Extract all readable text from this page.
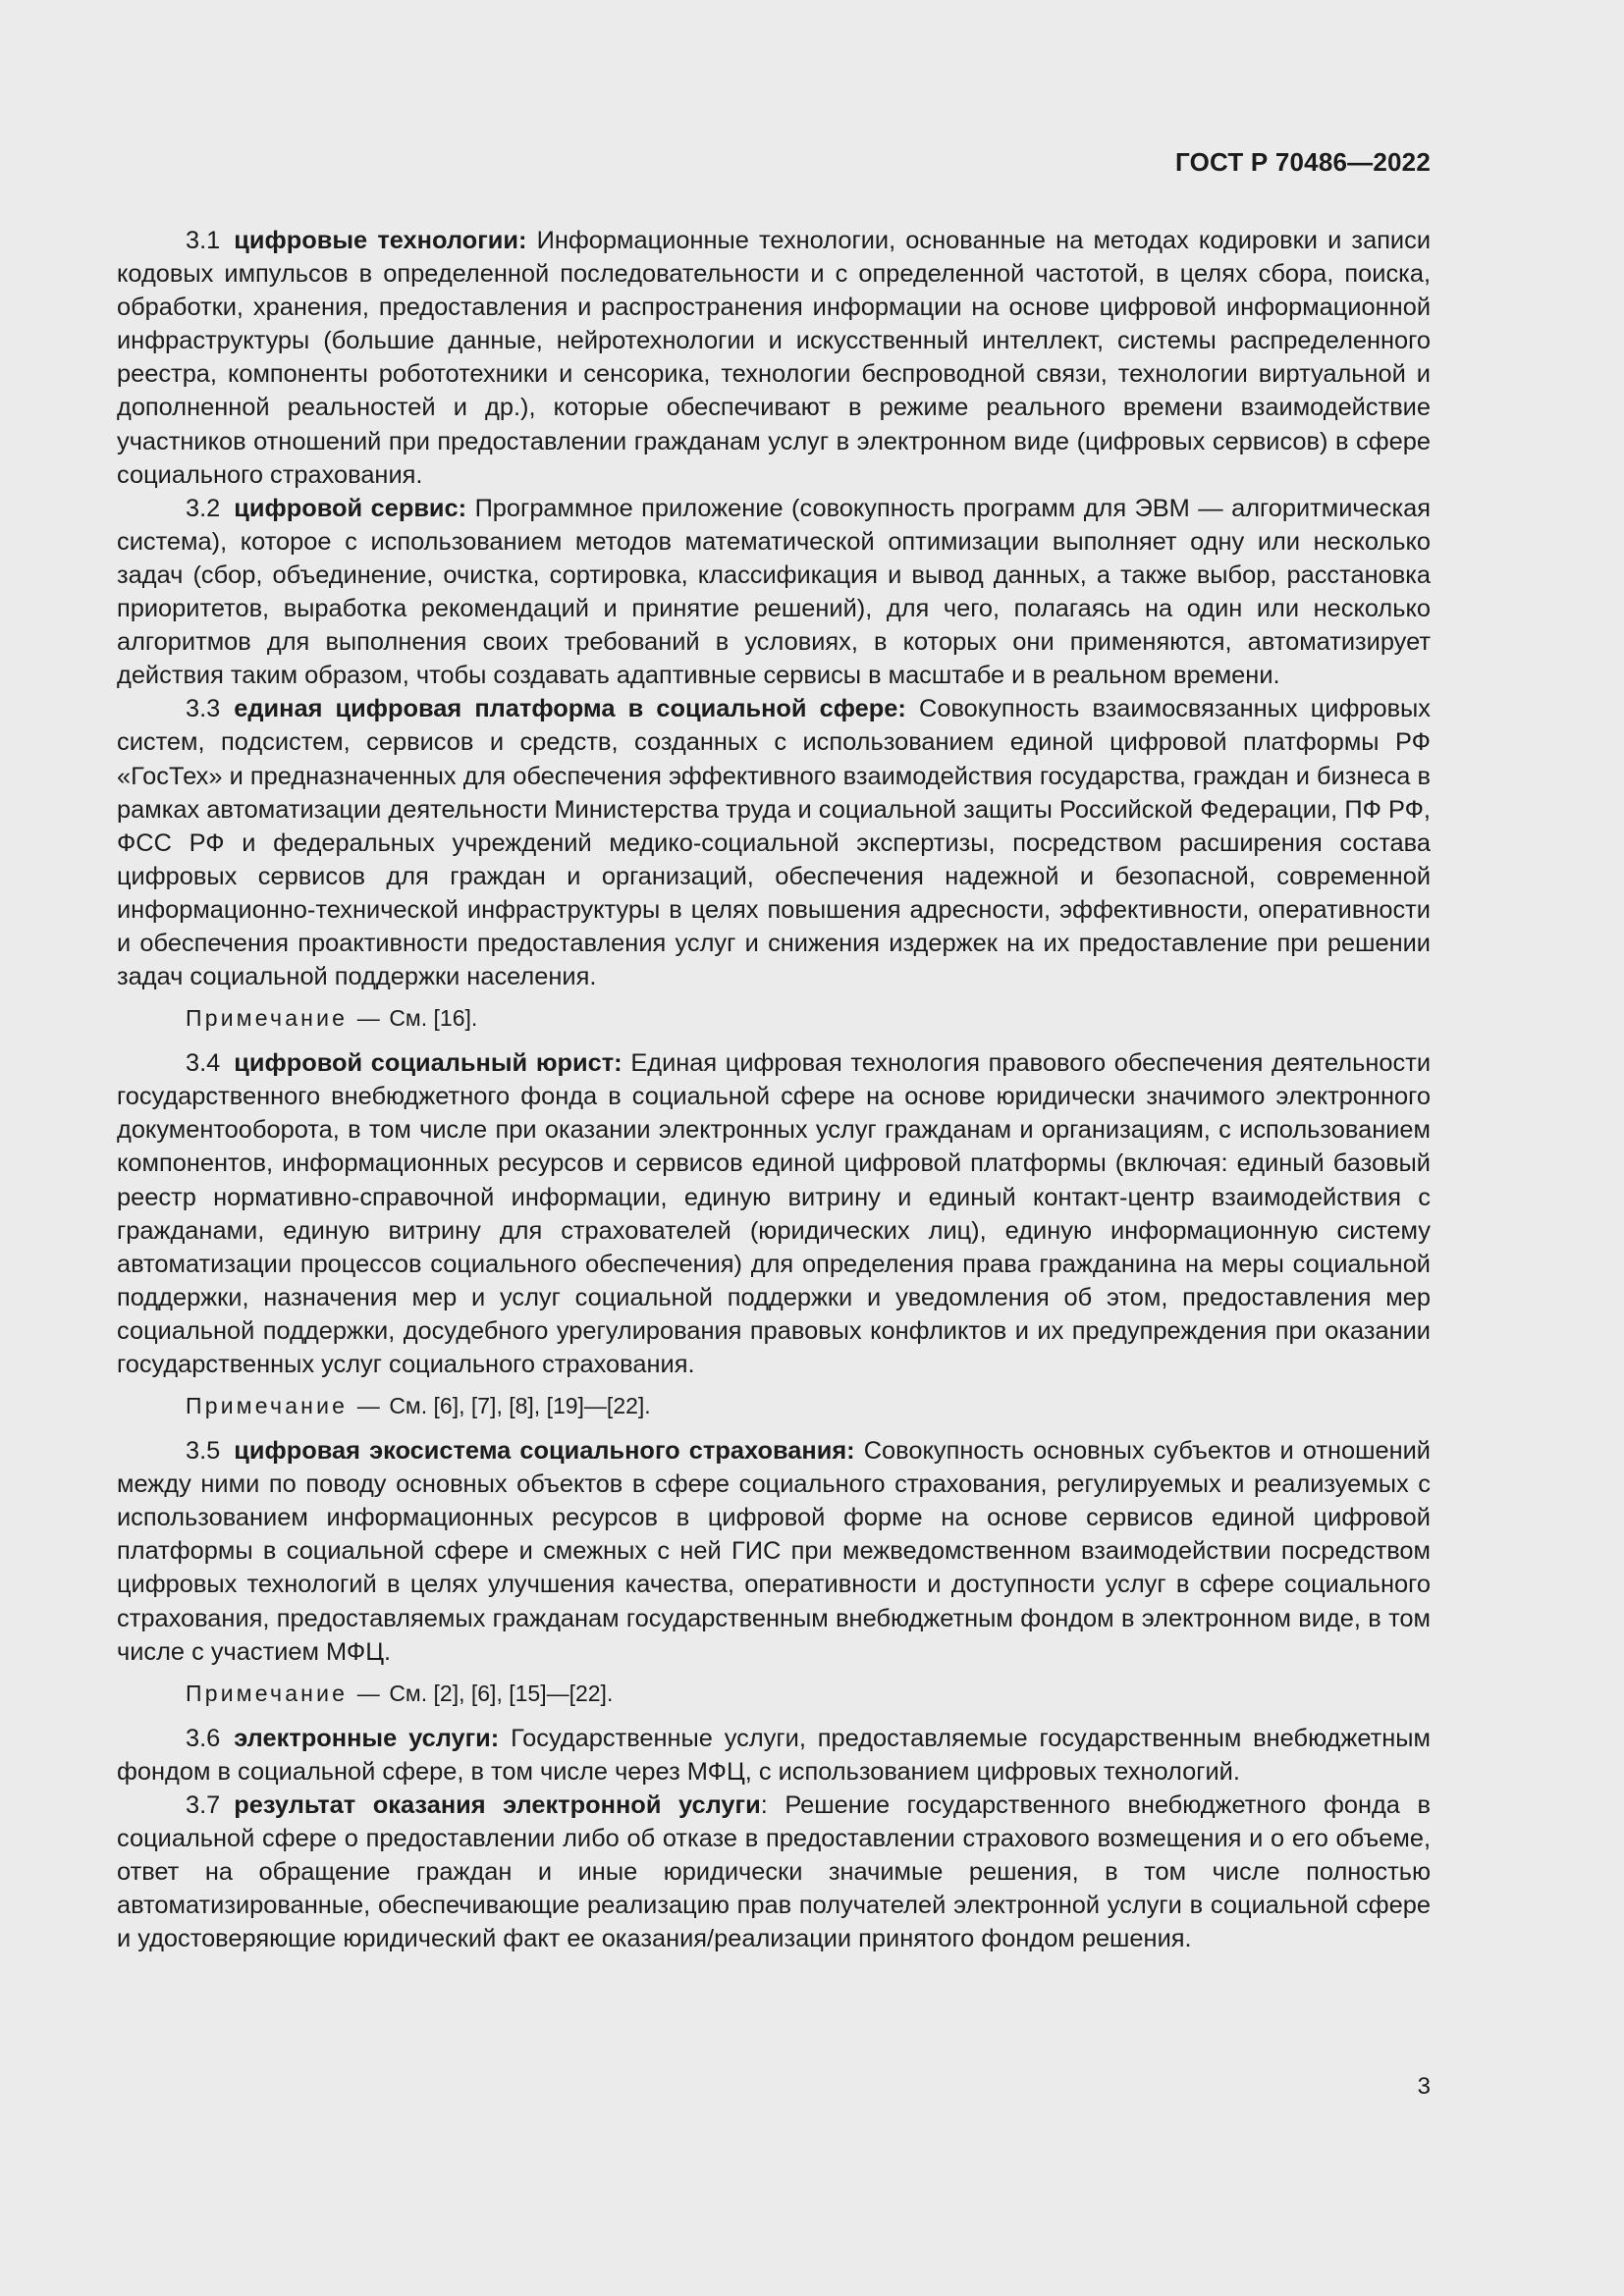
ГОСТ Р 70486—2022

3.1 цифровые технологии: Информационные технологии, основанные на методах кодировки и записи кодовых импульсов в определенной последовательности и с определенной частотой, в целях сбора, поиска, обработки, хранения, предоставления и распространения информации на основе цифровой информационной инфраструктуры (большие данные, нейротехнологии и искусственный интеллект, системы распределенного реестра, компоненты робототехники и сенсорика, технологии беспроводной связи, технологии виртуальной и дополненной реальностей и др.), которые обеспечивают в режиме реального времени взаимодействие участников отношений при предоставлении гражданам услуг в электронном виде (цифровых сервисов) в сфере социального страхования.

3.2 цифровой сервис: Программное приложение (совокупность программ для ЭВМ — алгоритмическая система), которое с использованием методов математической оптимизации выполняет одну или несколько задач (сбор, объединение, очистка, сортировка, классификация и вывод данных, а также выбор, расстановка приоритетов, выработка рекомендаций и принятие решений), для чего, полагаясь на один или несколько алгоритмов для выполнения своих требований в условиях, в которых они применяются, автоматизирует действия таким образом, чтобы создавать адаптивные сервисы в масштабе и в реальном времени.

3.3 единая цифровая платформа в социальной сфере: Совокупность взаимосвязанных цифровых систем, подсистем, сервисов и средств, созданных с использованием единой цифровой платформы РФ «ГосТех» и предназначенных для обеспечения эффективного взаимодействия государства, граждан и бизнеса в рамках автоматизации деятельности Министерства труда и социальной защиты Российской Федерации, ПФ РФ, ФСС РФ и федеральных учреждений медико-социальной экспертизы, посредством расширения состава цифровых сервисов для граждан и организаций, обеспечения надежной и безопасной, современной информационно-технической инфраструктуры в целях повышения адресности, эффективности, оперативности и обеспечения проактивности предоставления услуг и снижения издержек на их предоставление при решении задач социальной поддержки населения.

Примечание — См. [16].

3.4 цифровой социальный юрист: Единая цифровая технология правового обеспечения деятельности государственного внебюджетного фонда в социальной сфере на основе юридически значимого электронного документооборота, в том числе при оказании электронных услуг гражданам и организациям, с использованием компонентов, информационных ресурсов и сервисов единой цифровой платформы (включая: единый базовый реестр нормативно-справочной информации, единую витрину и единый контакт-центр взаимодействия с гражданами, единую витрину для страхователей (юридических лиц), единую информационную систему автоматизации процессов социального обеспечения) для определения права гражданина на меры социальной поддержки, назначения мер и услуг социальной поддержки и уведомления об этом, предоставления мер социальной поддержки, досудебного урегулирования правовых конфликтов и их предупреждения при оказании государственных услуг социального страхования.

Примечание — См. [6], [7], [8], [19]—[22].

3.5 цифровая экосистема социального страхования: Совокупность основных субъектов и отношений между ними по поводу основных объектов в сфере социального страхования, регулируемых и реализуемых с использованием информационных ресурсов в цифровой форме на основе сервисов единой цифровой платформы в социальной сфере и смежных с ней ГИС при межведомственном взаимодействии посредством цифровых технологий в целях улучшения качества, оперативности и доступности услуг в сфере социального страхования, предоставляемых гражданам государственным внебюджетным фондом в электронном виде, в том числе с участием МФЦ.

Примечание — См. [2], [6], [15]—[22].

3.6 электронные услуги: Государственные услуги, предоставляемые государственным внебюджетным фондом в социальной сфере, в том числе через МФЦ, с использованием цифровых технологий.

3.7 результат оказания электронной услуги: Решение государственного внебюджетного фонда в социальной сфере о предоставлении либо об отказе в предоставлении страхового возмещения и о его объеме, ответ на обращение граждан и иные юридически значимые решения, в том числе полностью автоматизированные, обеспечивающие реализацию прав получателей электронной услуги в социальной сфере и удостоверяющие юридический факт ее оказания/реализации принятого фондом решения.

3
